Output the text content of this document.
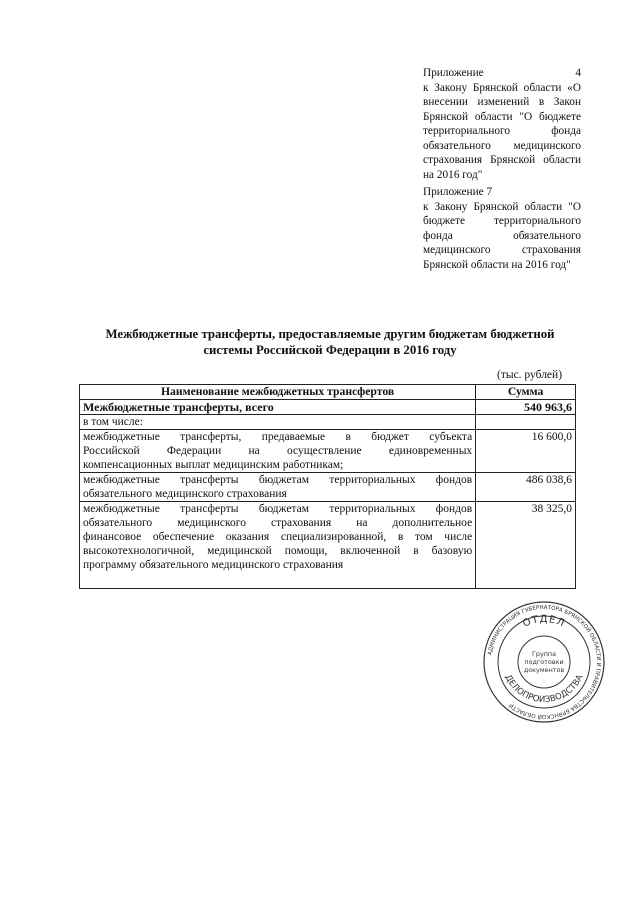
Приложение 4
к Закону Брянской области «О
внесении изменений в Закон
Брянской области "О бюджете
территориального фонда
обязательного медицинского
страхования Брянской области
на 2016 год"
Приложение 7
к Закону Брянской области "О
бюджете территориального
фонда обязательного
медицинского страхования
Брянской области на 2016 год"
Межбюджетные трансферты, предоставляемые другим бюджетам бюджетной
системы Российской Федерации в 2016 году
(тыс. рублей)
Наименование межбюджетных трансфертов	Сумма
Межбюджетные трансферты, всего	540 963,6
в том числе:	

межбюджетные трансферты, предаваемые в бюджет субъекта
Российской Федерации на осуществление единовременных
компенсационных выплат медицинским работникам;	16 600,0

межбюджетные трансферты бюджетам территориальных фондов
обязательного медицинского страхования	486 038,6

межбюджетные трансферты бюджетам территориальных фондов
обязательного медицинского страхования на дополнительное
финансовое обеспечение оказания специализированной, в том числе
высокотехнологичной, медицинской помощи, включенной в базовую
программу обязательного медицинского страхования	38 325,0
АДМИНИСТРАЦИЯ ГУБЕРНАТОРА БРЯНСКОЙ ОБЛАСТИ И ПРАВИТЕЛЬСТВА БРЯНСКОЙ ОБЛАСТИ
ОТДЕЛ
ДЕЛОПРОИЗВОДСТВА
Группа
подготовки
документов
